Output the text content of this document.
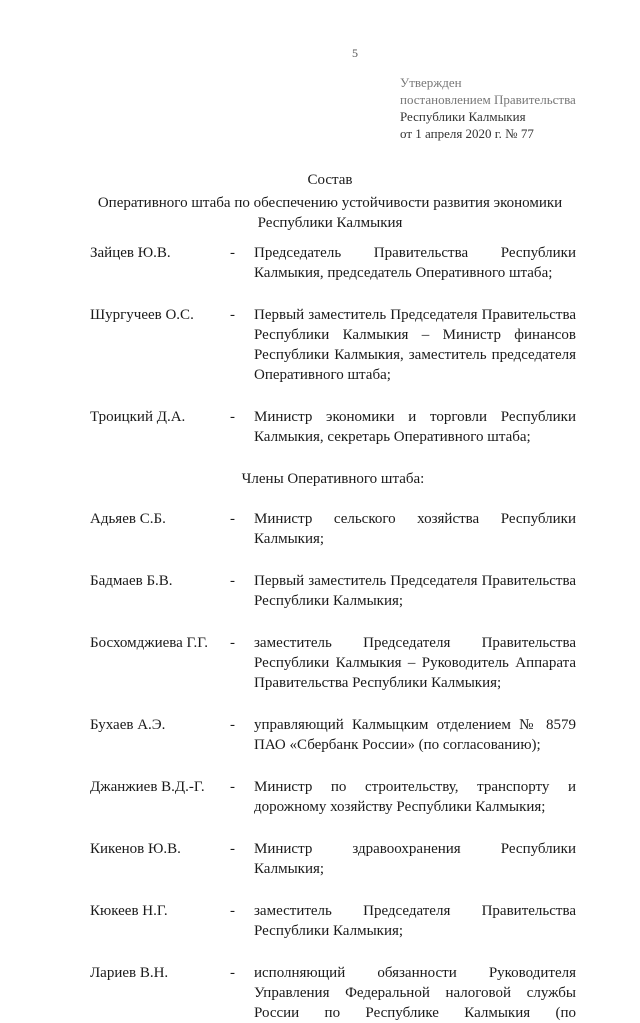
5
Утвержден
постановлением Правительства
Республики Калмыкия
от 1 апреля 2020 г. № 77
Состав
Оперативного штаба по обеспечению устойчивости развития экономики
Республики Калмыкия
Зайцев Ю.В.	- Председатель Правительства Республики Калмыкия, председатель Оперативного штаба;
Шургучеев О.С. - Первый заместитель Председателя Правительства Республики Калмыкия – Министр финансов Республики Калмыкия, заместитель председателя Оперативного штаба;
Троицкий Д.А.	- Министр экономики и торговли Республики Калмыкия, секретарь Оперативного штаба;
Члены Оперативного штаба:
Адьяев С.Б.	- Министр сельского хозяйства Республики Калмыкия;
Бадмаев Б.В.	- Первый заместитель Председателя Правительства Республики Калмыкия;
Босхомджиева Г.Г. - заместитель Председателя Правительства Республики Калмыкия – Руководитель Аппарата Правительства Республики Калмыкия;
Бухаев А.Э.	- управляющий Калмыцким отделением № 8579 ПАО «Сбербанк России» (по согласованию);
Джанжиев В.Д.-Г. - Министр по строительству, транспорту и дорожному хозяйству Республики Калмыкия;
Кикенов Ю.В.	- Министр здравоохранения Республики Калмыкия;
Кюкеев Н.Г.	- заместитель Председателя Правительства Республики Калмыкия;
Лариев В.Н.	- исполняющий обязанности Руководителя Управления Федеральной налоговой службы России по Республике Калмыкия (по
